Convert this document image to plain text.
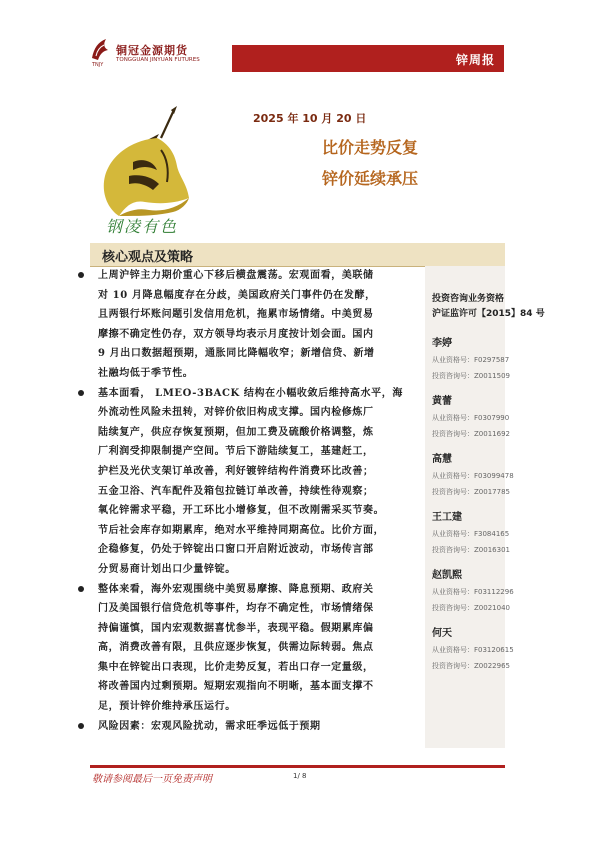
铜冠金源期货
TONGGUAN JINYUAN FUTURES
TNJY	锌周报
钢凌有色
2025 年 10 月 20 日
比价走势反复
锌价延续承压
核心观点及策略
上周沪锌主力期价重心下移后横盘震荡。宏观面看，美联储
对 10 月降息幅度存在分歧，美国政府关门事件仍在发酵，
且两银行坏账问题引发信用危机，拖累市场情绪。中美贸易
摩擦不确定性仍存，双方领导均表示月度按计划会面。国内
9 月出口数据超预期，通胀同比降幅收窄；新增信贷、新增
社融均低于季节性。
基本面看， LMEO-3BACK 结构在小幅收敛后维持高水平，海
外流动性风险未扭转，对锌价依旧构成支撑。国内检修炼厂
陆续复产，供应存恢复预期，但加工费及硫酸价格调整，炼
厂利润受抑限制提产空间。节后下游陆续复工，基建赶工，
护栏及光伏支架订单改善，利好镀锌结构件消费环比改善；
五金卫浴、汽车配件及箱包拉链订单改善，持续性待观察；
氧化锌需求平稳，开工环比小增修复，但不改刚需采买节奏。
节后社会库存如期累库，绝对水平维持同期高位。比价方面，
企稳修复，仍处于锌锭出口窗口开启附近波动，市场传言部
分贸易商计划出口少量锌锭。
整体来看，海外宏观围绕中美贸易摩擦、降息预期、政府关
门及美国银行信贷危机等事件，均存不确定性，市场情绪保
持偏谨慎，国内宏观数据喜忧参半，表现平稳。假期累库偏
高，消费改善有限，且供应逐步恢复，供需边际转弱。焦点
集中在锌锭出口表现，比价走势反复，若出口存一定量级，
将改善国内过剩预期。短期宏观指向不明晰，基本面支撑不
足，预计锌价维持承压运行。
风险因素：宏观风险扰动，需求旺季远低于预期
投资咨询业务资格
沪证监许可【2015】84 号
李婷
从业资格号：F0297587
投资咨询号：Z0011509
黄蕾
从业资格号：F0307990
投资咨询号：Z0011692
高慧
从业资格号：F03099478
投资咨询号：Z0017785
王工建
从业资格号：F3084165
投资咨询号：Z0016301
赵凯熙
从业资格号：F03112296
投资咨询号：Z0021040
何天
从业资格号：F03120615
投资咨询号：Z0022965
敬请参阅最后一页免责声明	1/ 8
